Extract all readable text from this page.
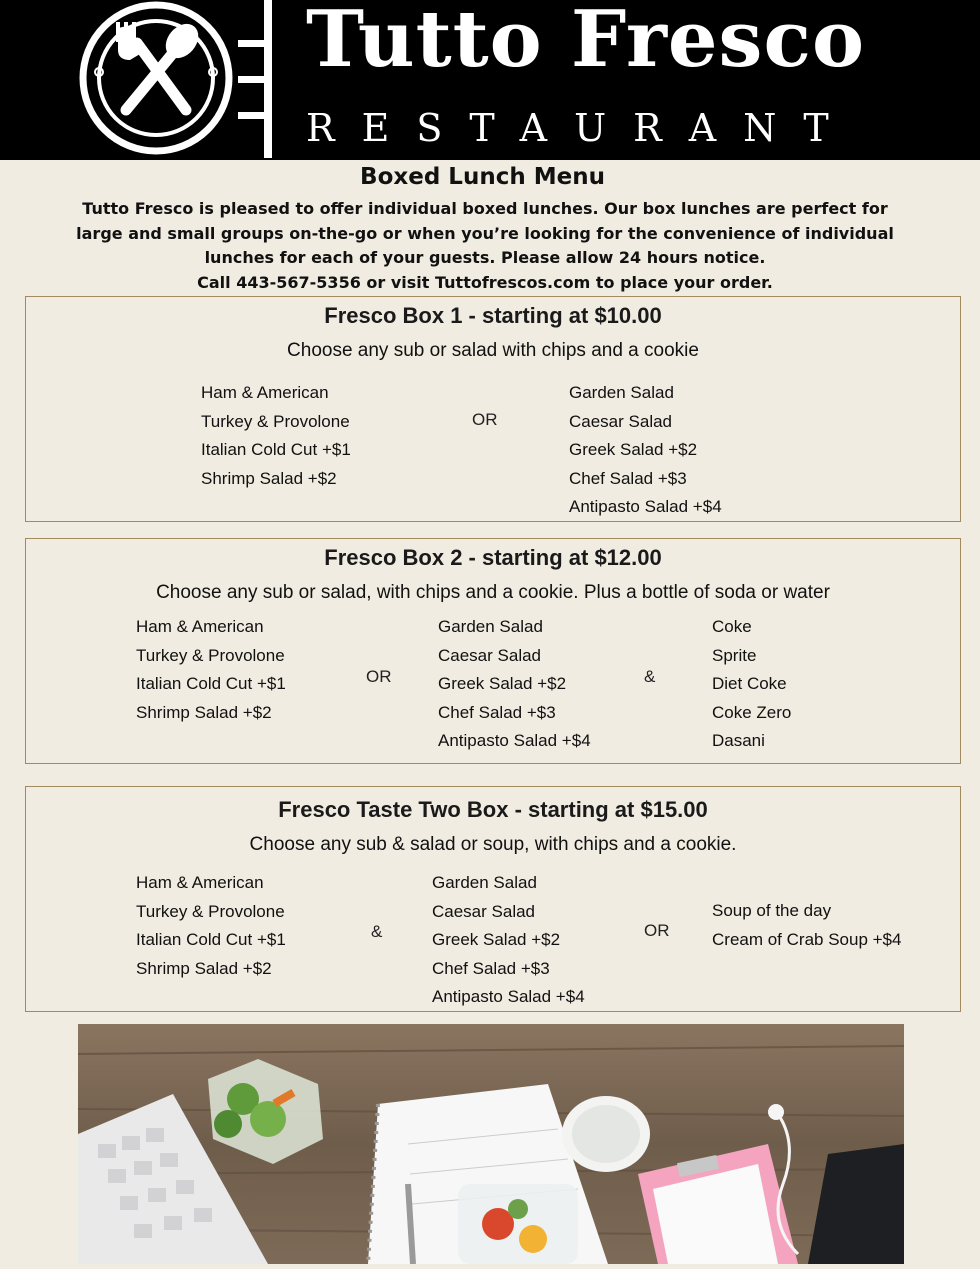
Tutto Fresco
RESTAURANT
Boxed Lunch Menu

Tutto Fresco is pleased to offer individual boxed lunches. Our box lunches are perfect for

large and small groups on-the-go or when you’re looking for the convenience of individual

lunches for each of your guests. Please allow 24 hours notice.

Call 443-567-5356 or visit Tuttofrescos.com to place your order.

Fresco Box 1 - starting at $10.00
Choose any sub or salad with chips and a cookie
Ham & American
Turkey & Provolone
Italian Cold Cut +$1
Shrimp Salad +$2
OR
Garden Salad
Caesar Salad
Greek Salad +$2
Chef Salad +$3
Antipasto Salad +$4
Fresco Box 2 - starting at $12.00
Choose any sub or salad, with chips and a cookie. Plus a bottle of soda or water
Ham & American
Turkey & Provolone
Italian Cold Cut +$1
Shrimp Salad +$2
OR
Garden Salad
Caesar Salad
Greek Salad +$2
Chef Salad +$3
Antipasto Salad +$4
&
Coke
Sprite
Diet Coke
Coke Zero
Dasani
Fresco Taste Two Box - starting at $15.00
Choose any sub & salad or soup, with chips and a cookie.
Ham & American
Turkey & Provolone
Italian Cold Cut +$1
Shrimp Salad +$2
&
Garden Salad
Caesar Salad
Greek Salad +$2
Chef Salad +$3
Antipasto Salad +$4
OR
Soup of the day
Cream of Crab Soup +$4
